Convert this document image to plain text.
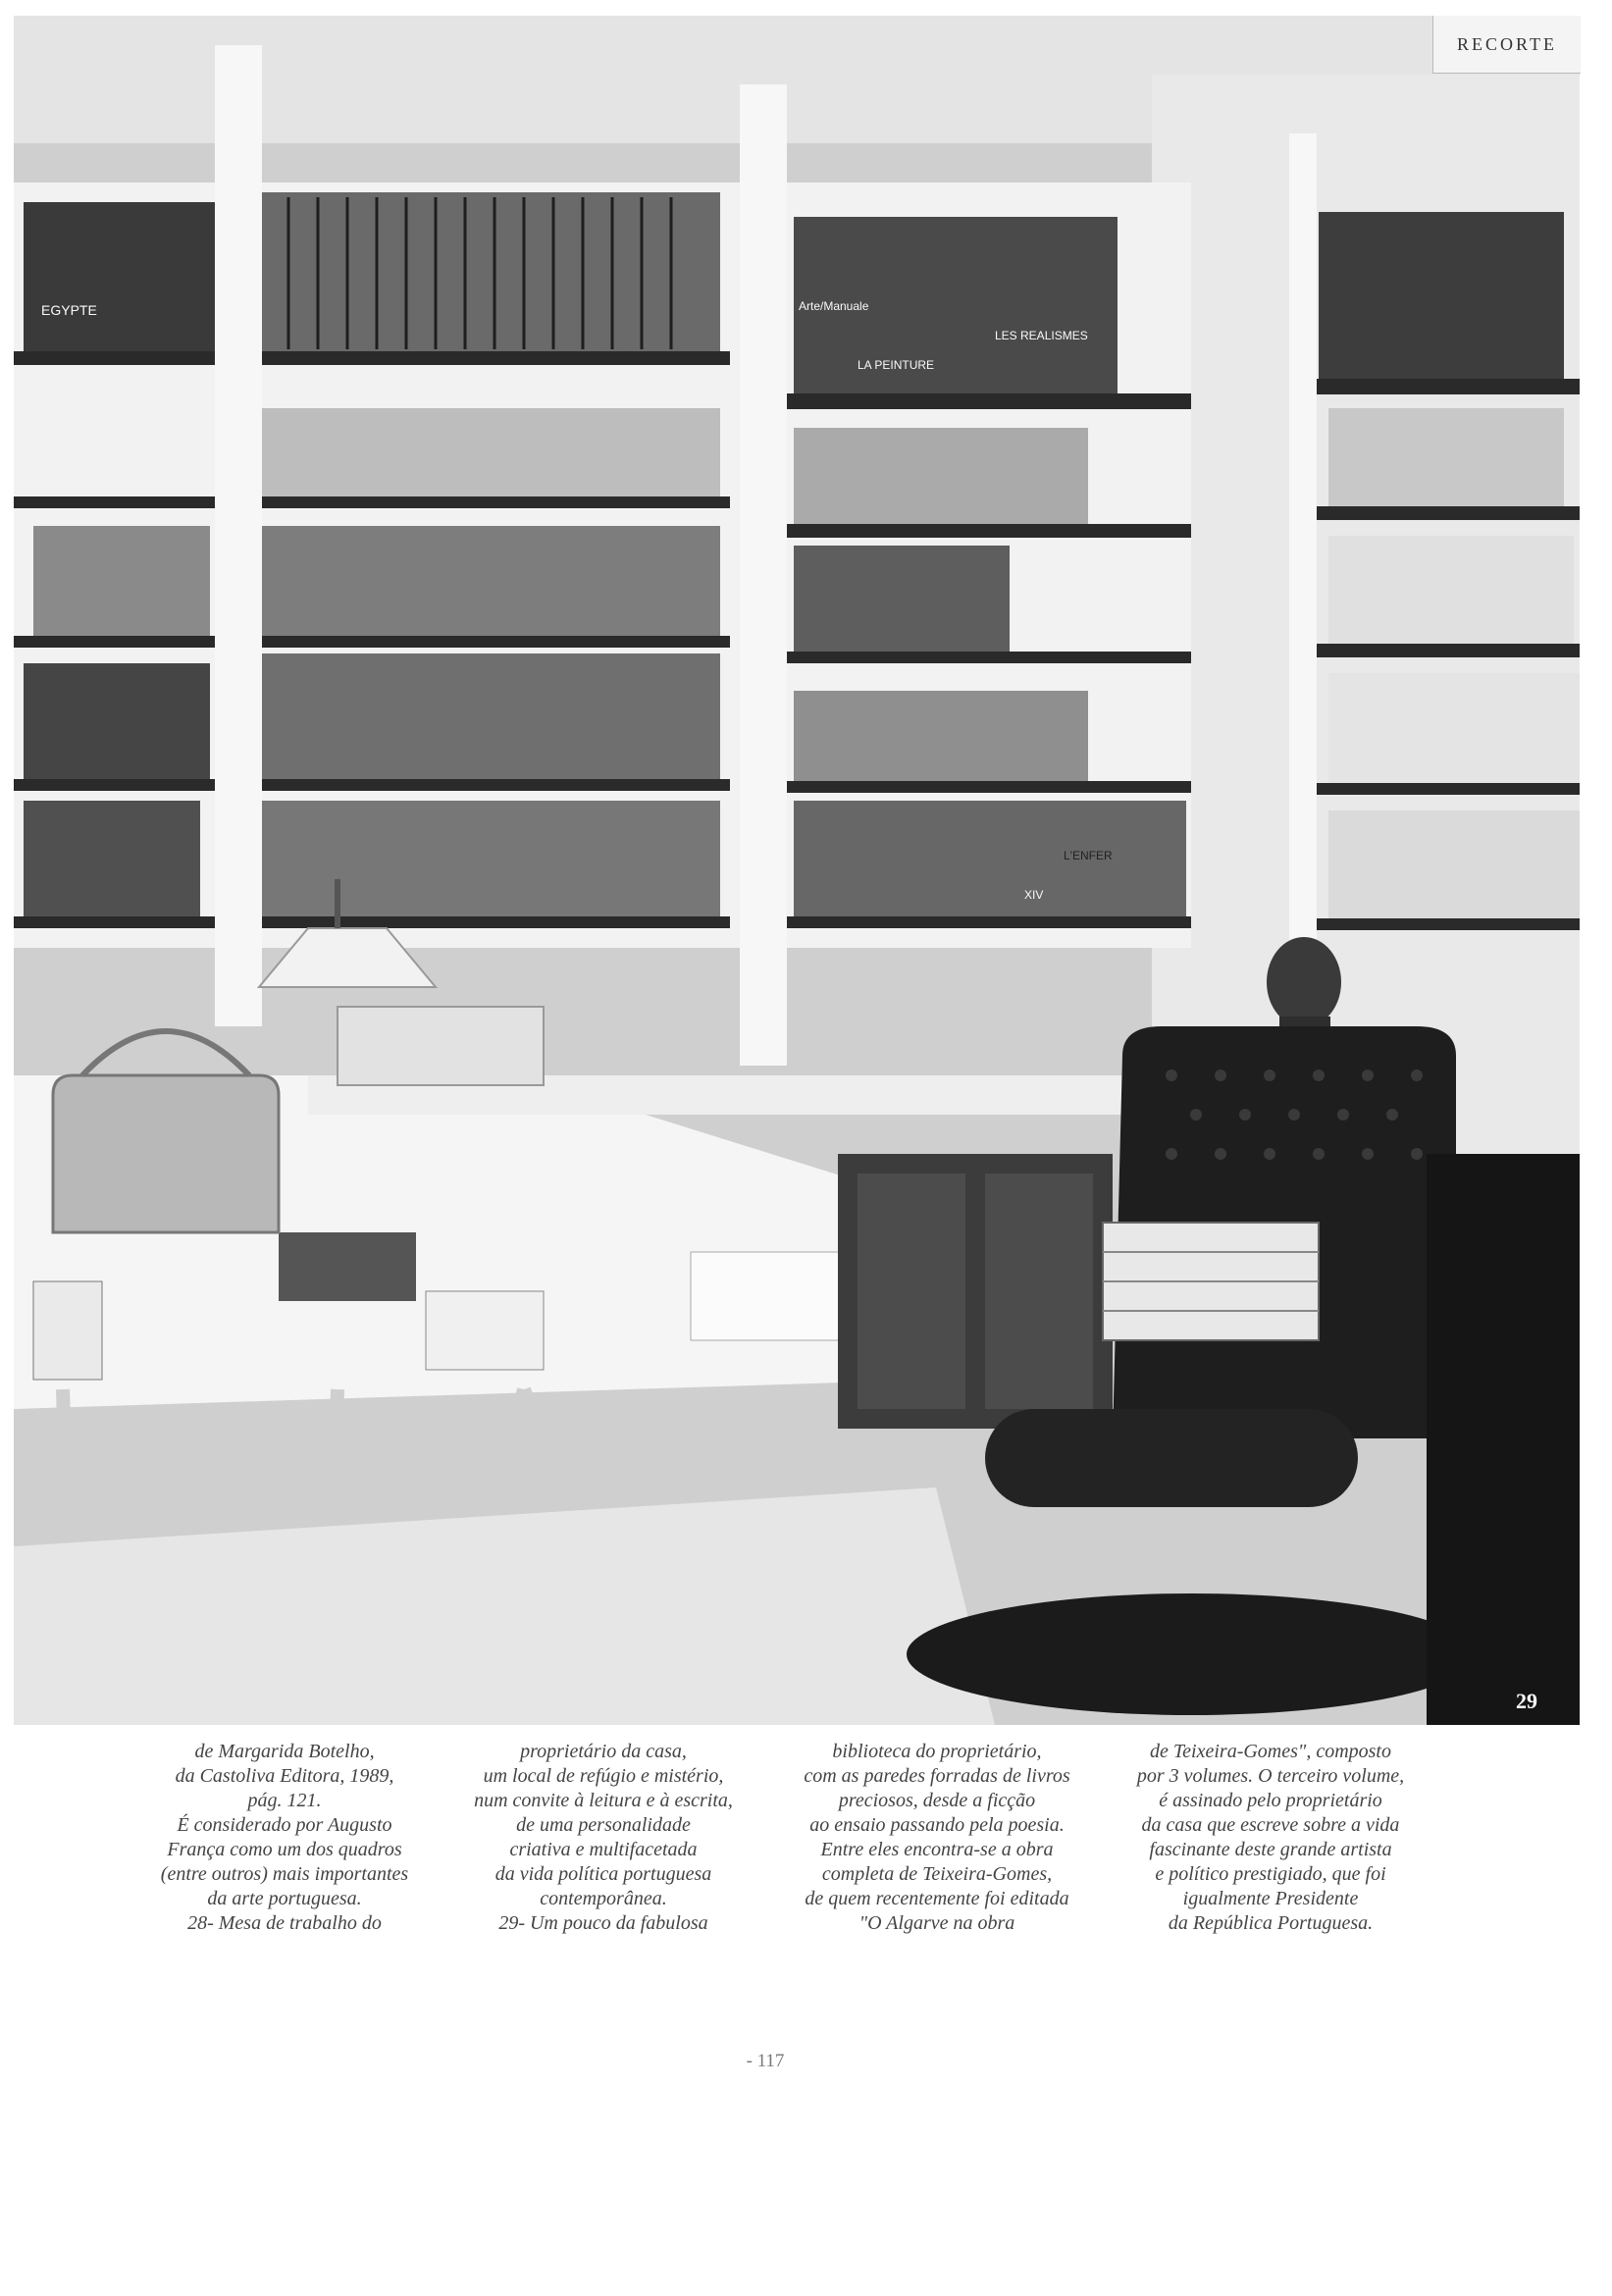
EGYPTE	Arte/Manuale
LA PEINTURE
LES REALISMES
L'ENFER
XIV
RECORTE
29
de Margarida Botelho,
da Castoliva Editora, 1989,
pág. 121.
É considerado por Augusto
França como um dos quadros
(entre outros) mais importantes
da arte portuguesa.
28- Mesa de trabalho do
proprietário da casa,
um local de refúgio e mistério,
num convite à leitura e à escrita,
de uma personalidade
criativa e multifacetada
da vida política portuguesa
contemporânea.
29- Um pouco da fabulosa
biblioteca do proprietário,
com as paredes forradas de livros
preciosos, desde a ficção
ao ensaio passando pela poesia.
Entre eles encontra-se a obra
completa de Teixeira-Gomes,
de quem recentemente foi editada
"O Algarve na obra
de Teixeira-Gomes", composto
por 3 volumes. O terceiro volume,
é assinado pelo proprietário
da casa que escreve sobre a vida
fascinante deste grande artista
e político prestigiado, que foi
igualmente Presidente
da República Portuguesa.
- 117
